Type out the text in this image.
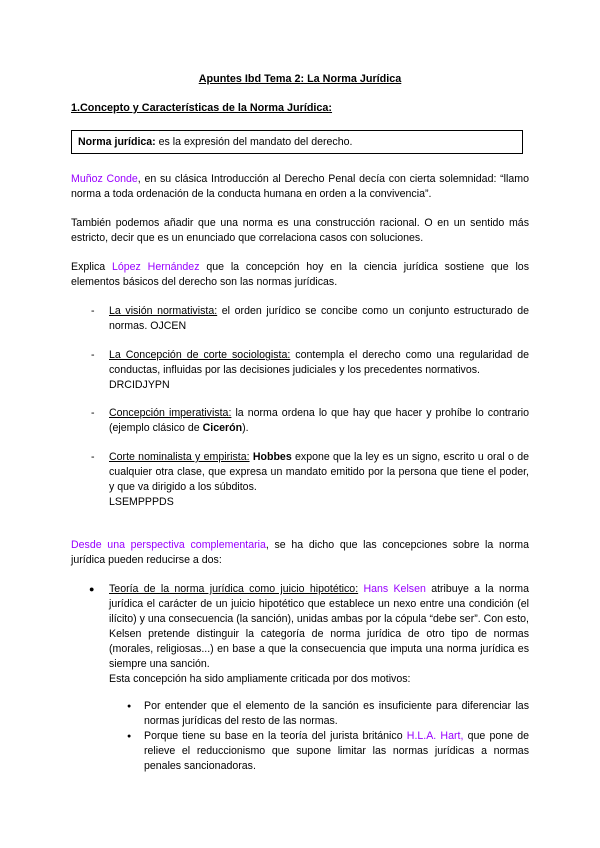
Apuntes Ibd Tema 2: La Norma Jurídica
1.Concepto y Características de la Norma Jurídica:
Norma jurídica: es la expresión del mandato del derecho.
Muñoz Conde, en su clásica Introducción al Derecho Penal decía con cierta solemnidad: “llamo norma a toda ordenación de la conducta humana en orden a la convivencia”.
También podemos añadir que una norma es una construcción racional. O en un sentido más estricto, decir que es un enunciado que correlaciona casos con soluciones.
Explica López Hernández que la concepción hoy en la ciencia jurídica sostiene que los elementos básicos del derecho son las normas jurídicas.
- La visión normativista: el orden jurídico se concibe como un conjunto estructurado de normas. OJCEN
- La Concepción de corte sociologista: contempla el derecho como una regularidad de conductas, influidas por las decisiones judiciales y los precedentes normativos.
DRCIDJYPN
- Concepción imperativista: la norma ordena lo que hay que hacer y prohíbe lo contrario (ejemplo clásico de Cicerón).
- Corte nominalista y empirista: Hobbes expone que la ley es un signo, escrito u oral o de cualquier otra clase, que expresa un mandato emitido por la persona que tiene el poder, y que va dirigido a los súbditos.
LSEMPPPDS
Desde una perspectiva complementaria, se ha dicho que las concepciones sobre la norma jurídica pueden reducirse a dos:
● Teoría de la norma jurídica como juicio hipotético: Hans Kelsen atribuye a la norma jurídica el carácter de un juicio hipotético que establece un nexo entre una condición (el ilícito) y una consecuencia (la sanción), unidas ambas por la cópula “debe ser”. Con esto, Kelsen pretende distinguir la categoría de norma jurídica de otro tipo de normas (morales, religiosas...) en base a que la consecuencia que imputa una norma jurídica es siempre una sanción.
Esta concepción ha sido ampliamente criticada por dos motivos:
● Por entender que el elemento de la sanción es insuficiente para diferenciar las normas jurídicas del resto de las normas.
● Porque tiene su base en la teoría del jurista británico H.L.A. Hart, que pone de relieve el reduccionismo que supone limitar las normas jurídicas a normas penales sancionadoras.
